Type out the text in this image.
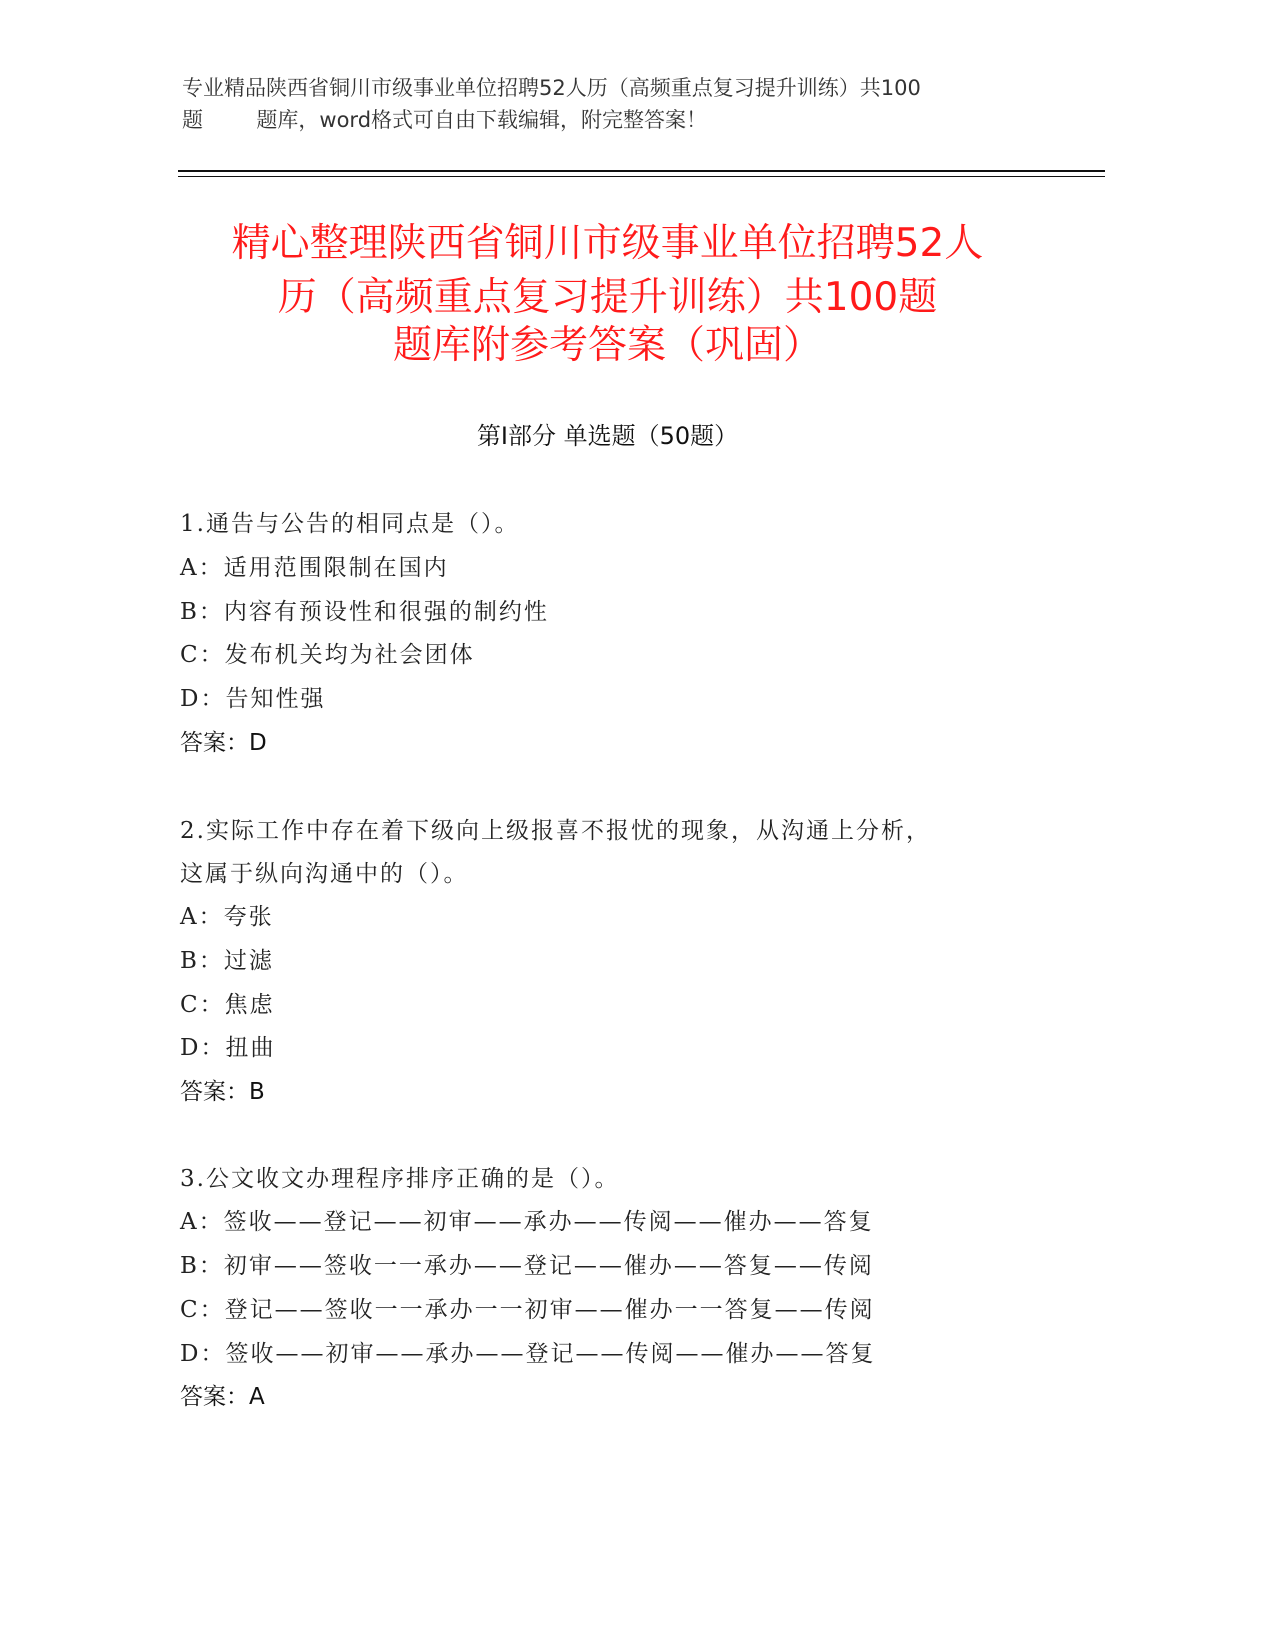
专业精品陕西省铜川市级事业单位招聘52人历（高频重点复习提升训练）共100
题        题库，word格式可自由下载编辑，附完整答案！
精心整理陕西省铜川市级事业单位招聘52人
历（高频重点复习提升训练）共100题
题库附参考答案（巩固）
第Ⅰ部分 单选题（50题）
1.通告与公告的相同点是（）。
A：适用范围限制在国内
B：内容有预设性和很强的制约性
C：发布机关均为社会团体
D：告知性强
答案：D
2.实际工作中存在着下级向上级报喜不报忧的现象，从沟通上分析，
这属于纵向沟通中的（）。
A：夸张
B：过滤
C：焦虑
D：扭曲
答案：B
3.公文收文办理程序排序正确的是（）。
A：签收——登记——初审——承办——传阅——催办——答复
B：初审——签收一一承办——登记——催办——答复——传阅
C：登记——签收一一承办一一初审——催办一一答复——传阅
D：签收——初审——承办——登记——传阅——催办——答复
答案：A
